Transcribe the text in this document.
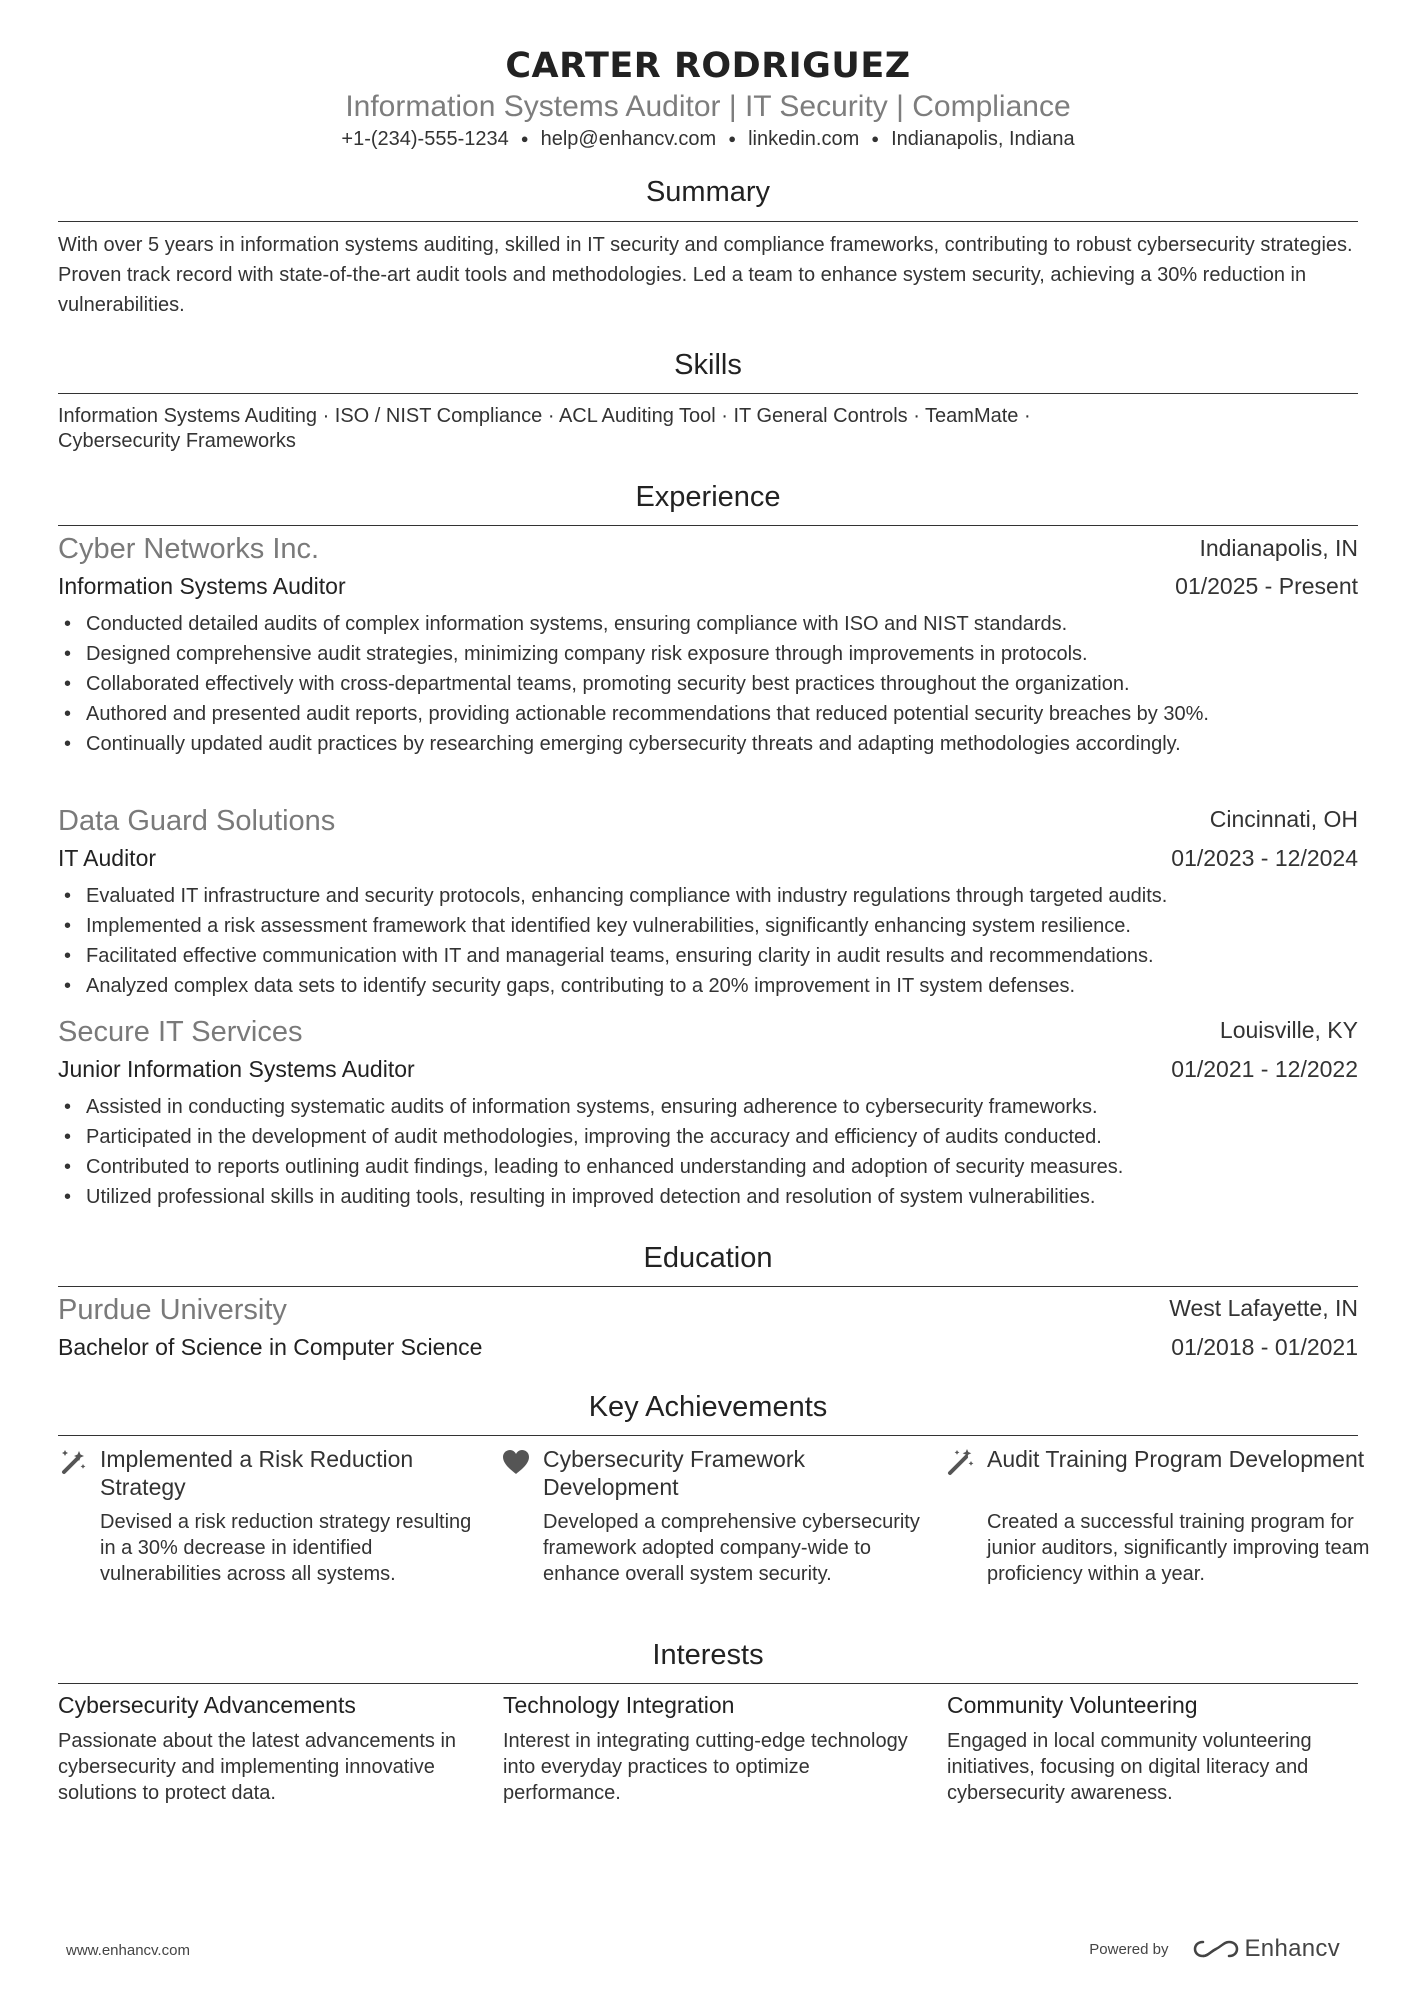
CARTER RODRIGUEZ
Information Systems Auditor | IT Security | Compliance
+1-(234)-555-1234 ● help@enhancv.com ● linkedin.com ● Indianapolis, Indiana
Summary
With over 5 years in information systems auditing, skilled in IT security and compliance frameworks, contributing to robust cybersecurity strategies. Proven track record with state-of-the-art audit tools and methodologies. Led a team to enhance system security, achieving a 30% reduction in vulnerabilities.
Skills
Information Systems Auditing · ISO / NIST Compliance · ACL Auditing Tool · IT General Controls · TeamMate · Cybersecurity Frameworks
Experience
Cyber Networks Inc.	Indianapolis, IN
Information Systems Auditor	01/2025 - Present
• Conducted detailed audits of complex information systems, ensuring compliance with ISO and NIST standards.
• Designed comprehensive audit strategies, minimizing company risk exposure through improvements in protocols.
• Collaborated effectively with cross-departmental teams, promoting security best practices throughout the organization.
• Authored and presented audit reports, providing actionable recommendations that reduced potential security breaches by 30%.
• Continually updated audit practices by researching emerging cybersecurity threats and adapting methodologies accordingly.
Data Guard Solutions	Cincinnati, OH
IT Auditor	01/2023 - 12/2024
• Evaluated IT infrastructure and security protocols, enhancing compliance with industry regulations through targeted audits.
• Implemented a risk assessment framework that identified key vulnerabilities, significantly enhancing system resilience.
• Facilitated effective communication with IT and managerial teams, ensuring clarity in audit results and recommendations.
• Analyzed complex data sets to identify security gaps, contributing to a 20% improvement in IT system defenses.
Secure IT Services	Louisville, KY
Junior Information Systems Auditor	01/2021 - 12/2022
• Assisted in conducting systematic audits of information systems, ensuring adherence to cybersecurity frameworks.
• Participated in the development of audit methodologies, improving the accuracy and efficiency of audits conducted.
• Contributed to reports outlining audit findings, leading to enhanced understanding and adoption of security measures.
• Utilized professional skills in auditing tools, resulting in improved detection and resolution of system vulnerabilities.
Education
Purdue University	West Lafayette, IN
Bachelor of Science in Computer Science	01/2018 - 01/2021
Key Achievements
Implemented a Risk Reduction Strategy
Devised a risk reduction strategy resulting in a 30% decrease in identified vulnerabilities across all systems.
Cybersecurity Framework Development
Developed a comprehensive cybersecurity framework adopted company-wide to enhance overall system security.
Audit Training Program Development
Created a successful training program for junior auditors, significantly improving team proficiency within a year.
Interests
Cybersecurity Advancements
Passionate about the latest advancements in cybersecurity and implementing innovative solutions to protect data.
Technology Integration
Interest in integrating cutting-edge technology into everyday practices to optimize performance.
Community Volunteering
Engaged in local community volunteering initiatives, focusing on digital literacy and cybersecurity awareness.
www.enhancv.com	Powered by	Enhancv
